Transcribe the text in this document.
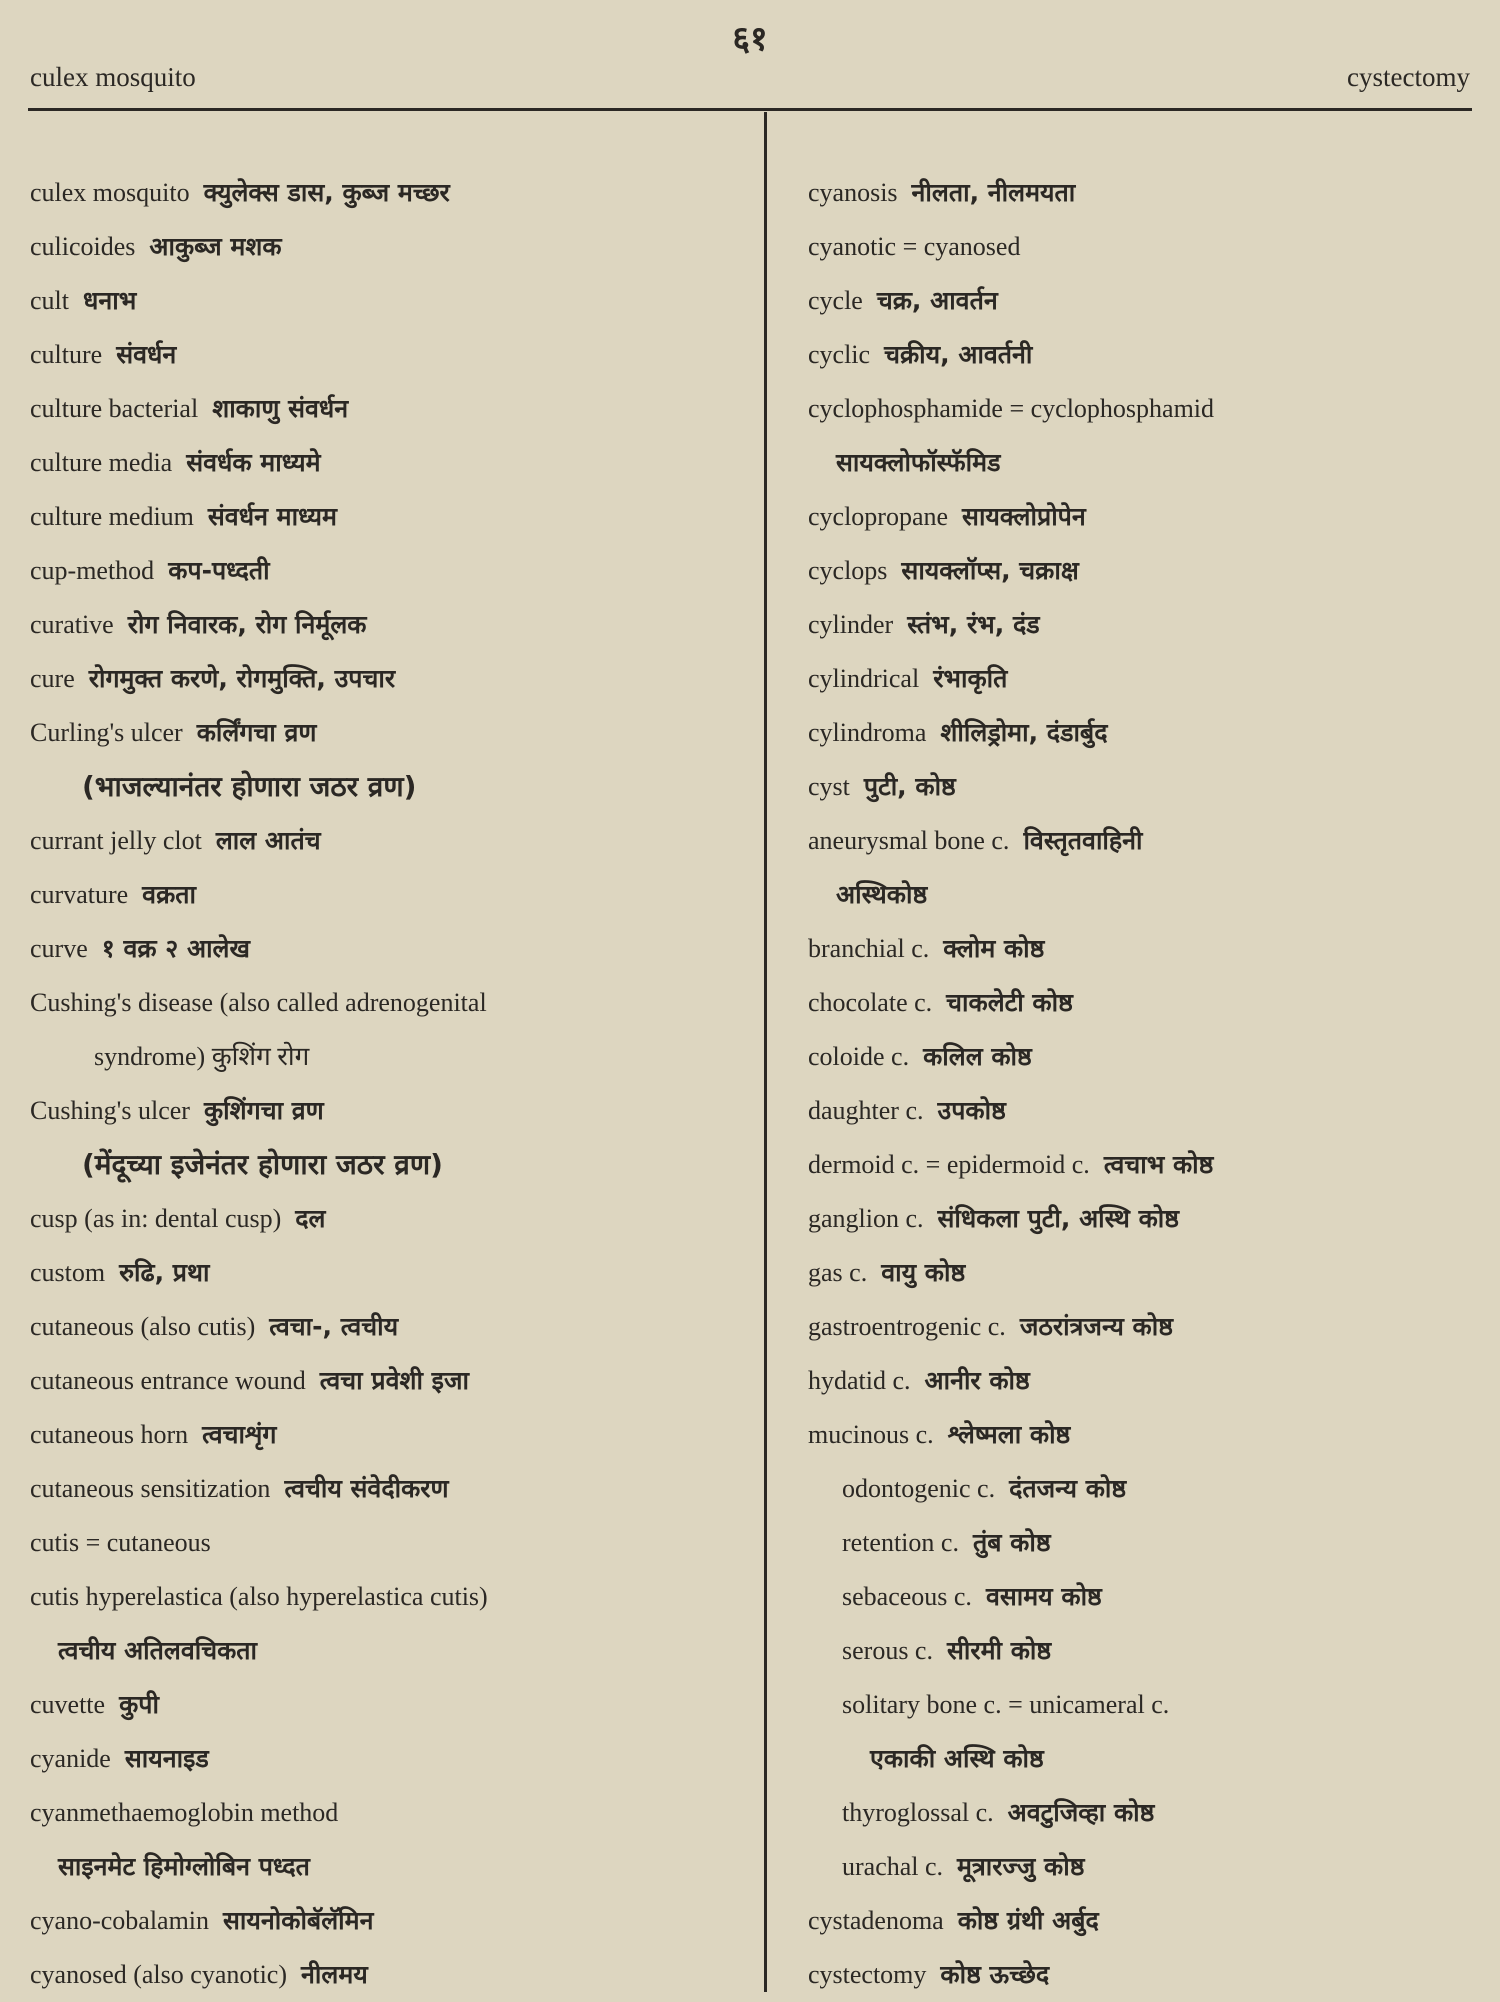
६१
culex mosquito	cystectomy
culex mosquito क्युलेक्स डास, कुब्ज मच्छर
culicoides आकुब्ज मशक
cult धनाभ
culture संवर्धन
culture bacterial शाकाणु संवर्धन
culture media संवर्धक माध्यमे
culture medium संवर्धन माध्यम
cup-method कप-पध्दती
curative रोग निवारक, रोग निर्मूलक
cure रोगमुक्त करणे, रोगमुक्ति, उपचार
Curling's ulcer कर्लिंगचा व्रण
(भाजल्यानंतर होणारा जठर व्रण)
currant jelly clot लाल आतंच
curvature वक्रता
curve १ वक्र २ आलेख
Cushing's disease (also called adrenogenital
syndrome) कुशिंग रोग
Cushing's ulcer कुशिंगचा व्रण
(मेंदूच्या इजेनंतर होणारा जठर व्रण)
cusp (as in: dental cusp) दल
custom रुढि, प्रथा
cutaneous (also cutis) त्वचा-, त्वचीय
cutaneous entrance wound त्वचा प्रवेशी इजा
cutaneous horn त्वचाशृंग
cutaneous sensitization त्वचीय संवेदीकरण
cutis = cutaneous
cutis hyperelastica (also hyperelastica cutis)
त्वचीय अतिलवचिकता
cuvette कुपी
cyanide सायनाइड
cyanmethaemoglobin method
साइनमेट हिमोग्लोबिन पध्दत
cyano-cobalamin सायनोकोबॅलॅमिन
cyanosed (also cyanotic) नीलमय
cyanosis नीलता, नीलमयता
cyanotic = cyanosed
cycle चक्र, आवर्तन
cyclic चक्रीय, आवर्तनी
cyclophosphamide = cyclophosphamid
सायक्लोफॉस्फॅमिड
cyclopropane सायक्लोप्रोपेन
cyclops सायक्लॉप्स, चक्राक्ष
cylinder स्तंभ, रंभ, दंड
cylindrical रंभाकृति
cylindroma शीलिड्रोमा, दंडार्बुद
cyst पुटी, कोष्ठ
aneurysmal bone c. विस्तृतवाहिनी
अस्थिकोष्ठ
branchial c. क्लोम कोष्ठ
chocolate c. चाकलेटी कोष्ठ
coloide c. कलिल कोष्ठ
daughter c. उपकोष्ठ
dermoid c. = epidermoid c. त्वचाभ कोष्ठ
ganglion c. संधिकला पुटी, अस्थि कोष्ठ
gas c. वायु कोष्ठ
gastroentrogenic c. जठरांत्रजन्य कोष्ठ
hydatid c. आनीर कोष्ठ
mucinous c. श्लेष्मला कोष्ठ
odontogenic c. दंतजन्य कोष्ठ
retention c. तुंब कोष्ठ
sebaceous c. वसामय कोष्ठ
serous c. सीरमी कोष्ठ
solitary bone c. = unicameral c.
एकाकी अस्थि कोष्ठ
thyroglossal c. अवटुजिव्हा कोष्ठ
urachal c. मूत्रारज्जु कोष्ठ
cystadenoma कोष्ठ ग्रंथी अर्बुद
cystectomy कोष्ठ ऊच्छेद
